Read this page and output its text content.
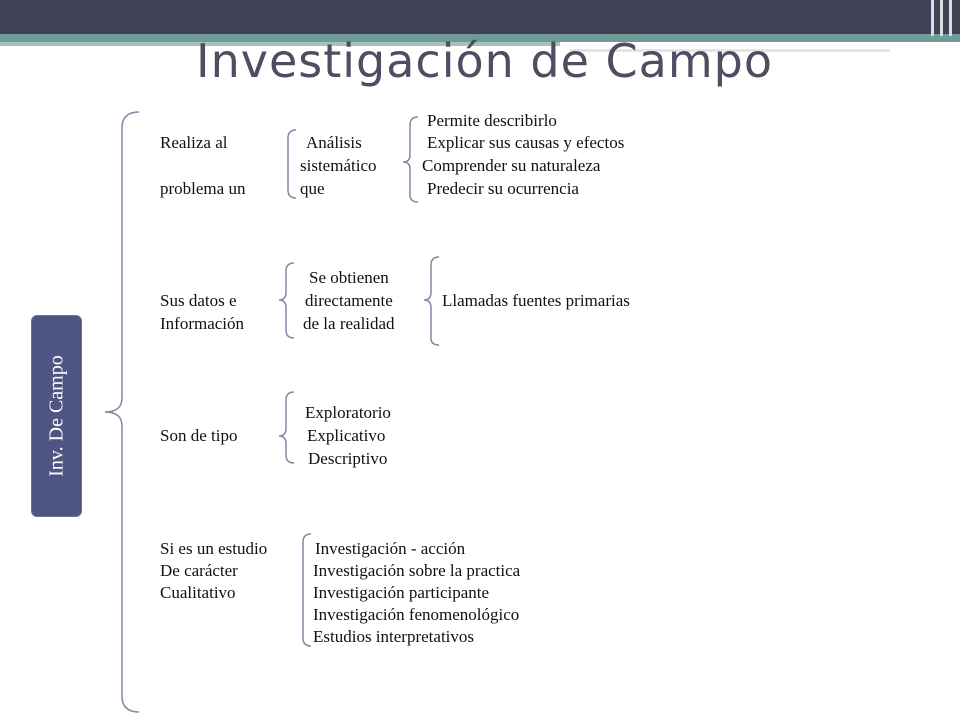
Investigación de Campo
Inv. De Campo
Realiza al
problema un
Análisis
sistemático
que
Permite describirlo
Explicar sus causas y efectos
Comprender su naturaleza
Predecir su ocurrencia
Sus datos e
Información
Se obtienen
directamente
de la realidad
Llamadas fuentes primarias
Son de tipo
Exploratorio
Explicativo
Descriptivo
Si es un estudio
De carácter
Cualitativo
Investigación - acción
Investigación sobre la practica
Investigación participante
Investigación fenomenológico
Estudios interpretativos
